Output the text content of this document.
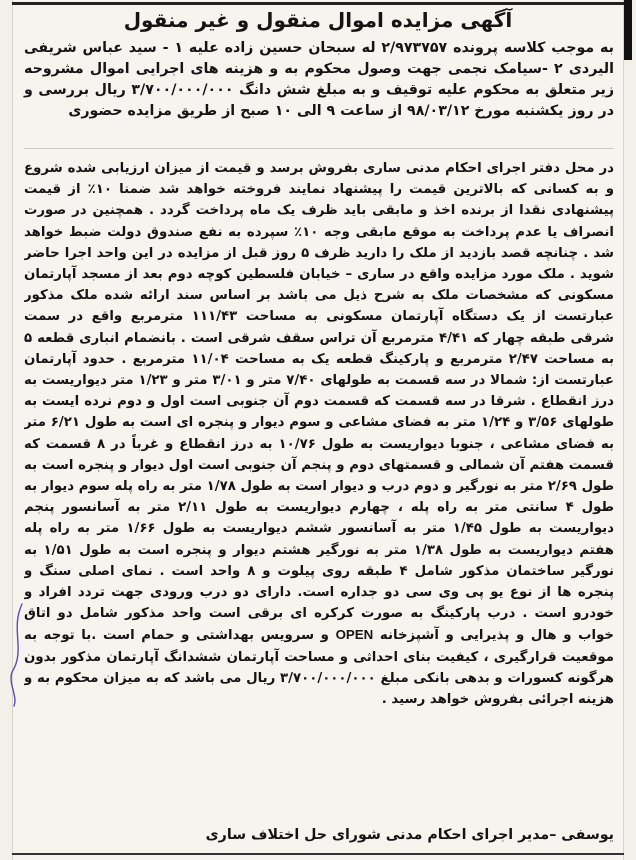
آگهی مزایده اموال منقول و غیر منقول

به موجب کلاسه پرونده ۲/۹۷۳۷۵۷ له سبحان حسین زاده علیه ۱ - سید عباس شریفی الیردی ۲ -سیامک نجمی جهت وصول محکوم به و هزینه های اجرایی اموال مشروحه زیر متعلق به محکوم علیه توقیف و به مبلغ شش دانگ ۳/۷۰۰/۰۰۰/۰۰۰ ریال بررسی و در روز یکشنبه مورخ ۹۸/۰۳/۱۲ از ساعت ۹ الی ۱۰ صبح از طریق مزایده حضوری

در محل دفتر اجرای احکام مدنی ساری بفروش برسد و قیمت از میزان ارزیابی شده شروع و به کسانی که بالاترین قیمت را پیشنهاد نمایند فروخته خواهد شد ضمنا ۱۰٪ از قیمت پیشنهادی نقدا از برنده اخذ و مابقی باید ظرف یک ماه پرداخت گردد . همچنین در صورت انصراف یا عدم پرداخت به موقع مابقی وجه ۱۰٪ سپرده به نفع صندوق دولت ضبط خواهد شد . چنانچه قصد بازدید از ملک را دارید ظرف ۵ روز قبل از مزایده در این واحد اجرا حاضر شوید . ملک مورد مزایده واقع در ساری – خیابان فلسطین کوچه دوم بعد از مسجد آپارتمان مسکونی که مشخصات ملک به شرح ذیل می باشد بر اساس سند ارائه شده ملک مذکور عبارتست از یک دستگاه آپارتمان مسکونی به مساحت ۱۱۱/۴۳ مترمربع واقع در سمت شرقی طبقه چهار که ۴/۴۱ مترمربع آن تراس سقف شرقی است . بانضمام انباری قطعه ۵ به مساحت ۲/۴۷ مترمربع و پارکینگ قطعه یک به مساحت ۱۱/۰۴ مترمربع . حدود آپارتمان عبارتست از: شمالا در سه قسمت به طولهای ۷/۴۰ متر و ۳/۰۱ متر و ۱/۲۳ متر دیواریست به درز انقطاع . شرقا در سه قسمت که قسمت دوم آن جنوبی است اول و دوم نرده ایست به طولهای ۳/۵۶ و ۱/۲۴ متر به فضای مشاعی و سوم دیوار و پنجره ای است به طول ۶/۲۱ متر به فضای مشاعی ، جنوبا دیواریست به طول ۱۰/۷۶ به درز انقطاع و غرباً در ۸ قسمت که قسمت هفتم آن شمالی و قسمتهای دوم و پنجم آن جنوبی است اول دیوار و پنجره است به طول ۲/۶۹ متر به نورگیر و دوم درب و دیوار است به طول ۱/۷۸ متر به راه پله سوم دیوار به طول ۴ سانتی متر به راه پله ، چهارم دیواریست به طول ۲/۱۱ متر به آسانسور پنجم دیواریست به طول ۱/۴۵ متر به آسانسور ششم دیواریست به طول ۱/۶۶ متر به راه پله هفتم دیواریست به طول ۱/۳۸ متر به نورگیر هشتم دیوار و پنجره است به طول ۱/۵۱ به نورگیر ساختمان مذکور شامل ۴ طبقه روی پیلوت و ۸ واحد است . نمای اصلی سنگ و پنجره ها از نوع یو پی وی سی دو جداره است. دارای دو درب ورودی جهت تردد افراد و خودرو است . درب پارکینگ به صورت کرکره ای برقی است واحد مذکور شامل دو اتاق خواب و هال و پذیرایی و آشپزخانه OPEN و سرویس بهداشتی و حمام است .با توجه به موقعیت قرارگیری ، کیفیت بنای احداثی و مساحت آپارتمان ششدانگ آپارتمان مذکور بدون هرگونه کسورات و بدهی بانکی مبلغ ۳/۷۰۰/۰۰۰/۰۰۰ ریال می باشد که به میزان محکوم به و هزینه اجرائی بفروش خواهد رسید .

یوسفی –مدیر اجرای احکام مدنی شورای حل اختلاف ساری
